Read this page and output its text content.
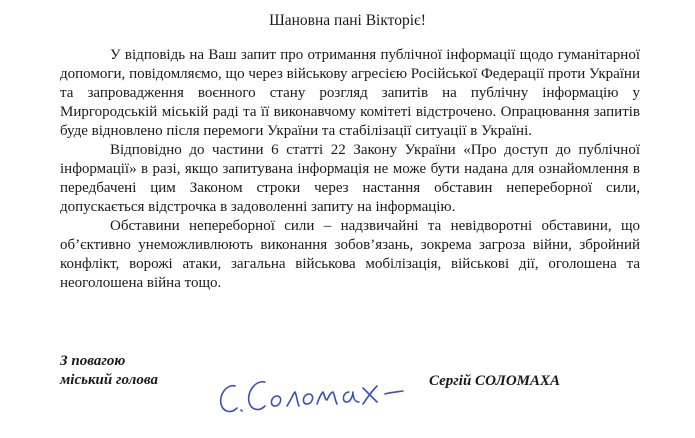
Шановна пані Вікторіє!

У відповідь на Ваш запит про отримання публічної інформації щодо гуманітарної допомоги, повідомляємо, що через військову агресією Російської Федерації проти України та запровадження воєнного стану розгляд запитів на публічну інформацію у Миргородській міській раді та її виконавчому комітеті відстрочено. Опрацювання запитів буде відновлено після перемоги України та стабілізації ситуації в Україні.

Відповідно до частини 6 статті 22 Закону України «Про доступ до публічної інформації» в разі, якщо запитувана інформація не може бути надана для ознайомлення в передбачені цим Законом строки через настання обставин непереборної сили, допускається відстрочка в задоволенні запиту на інформацію.

Обставини непереборної сили – надзвичайні та невідворотні обставини, що об’єктивно унеможливлюють виконання зобов’язань, зокрема загроза війни, збройний конфлікт, ворожі атаки, загальна військова мобілізація, військові дії, оголошена та неоголошена війна тощо.

З повагою
міський голова	Сергій СОЛОМАХА
